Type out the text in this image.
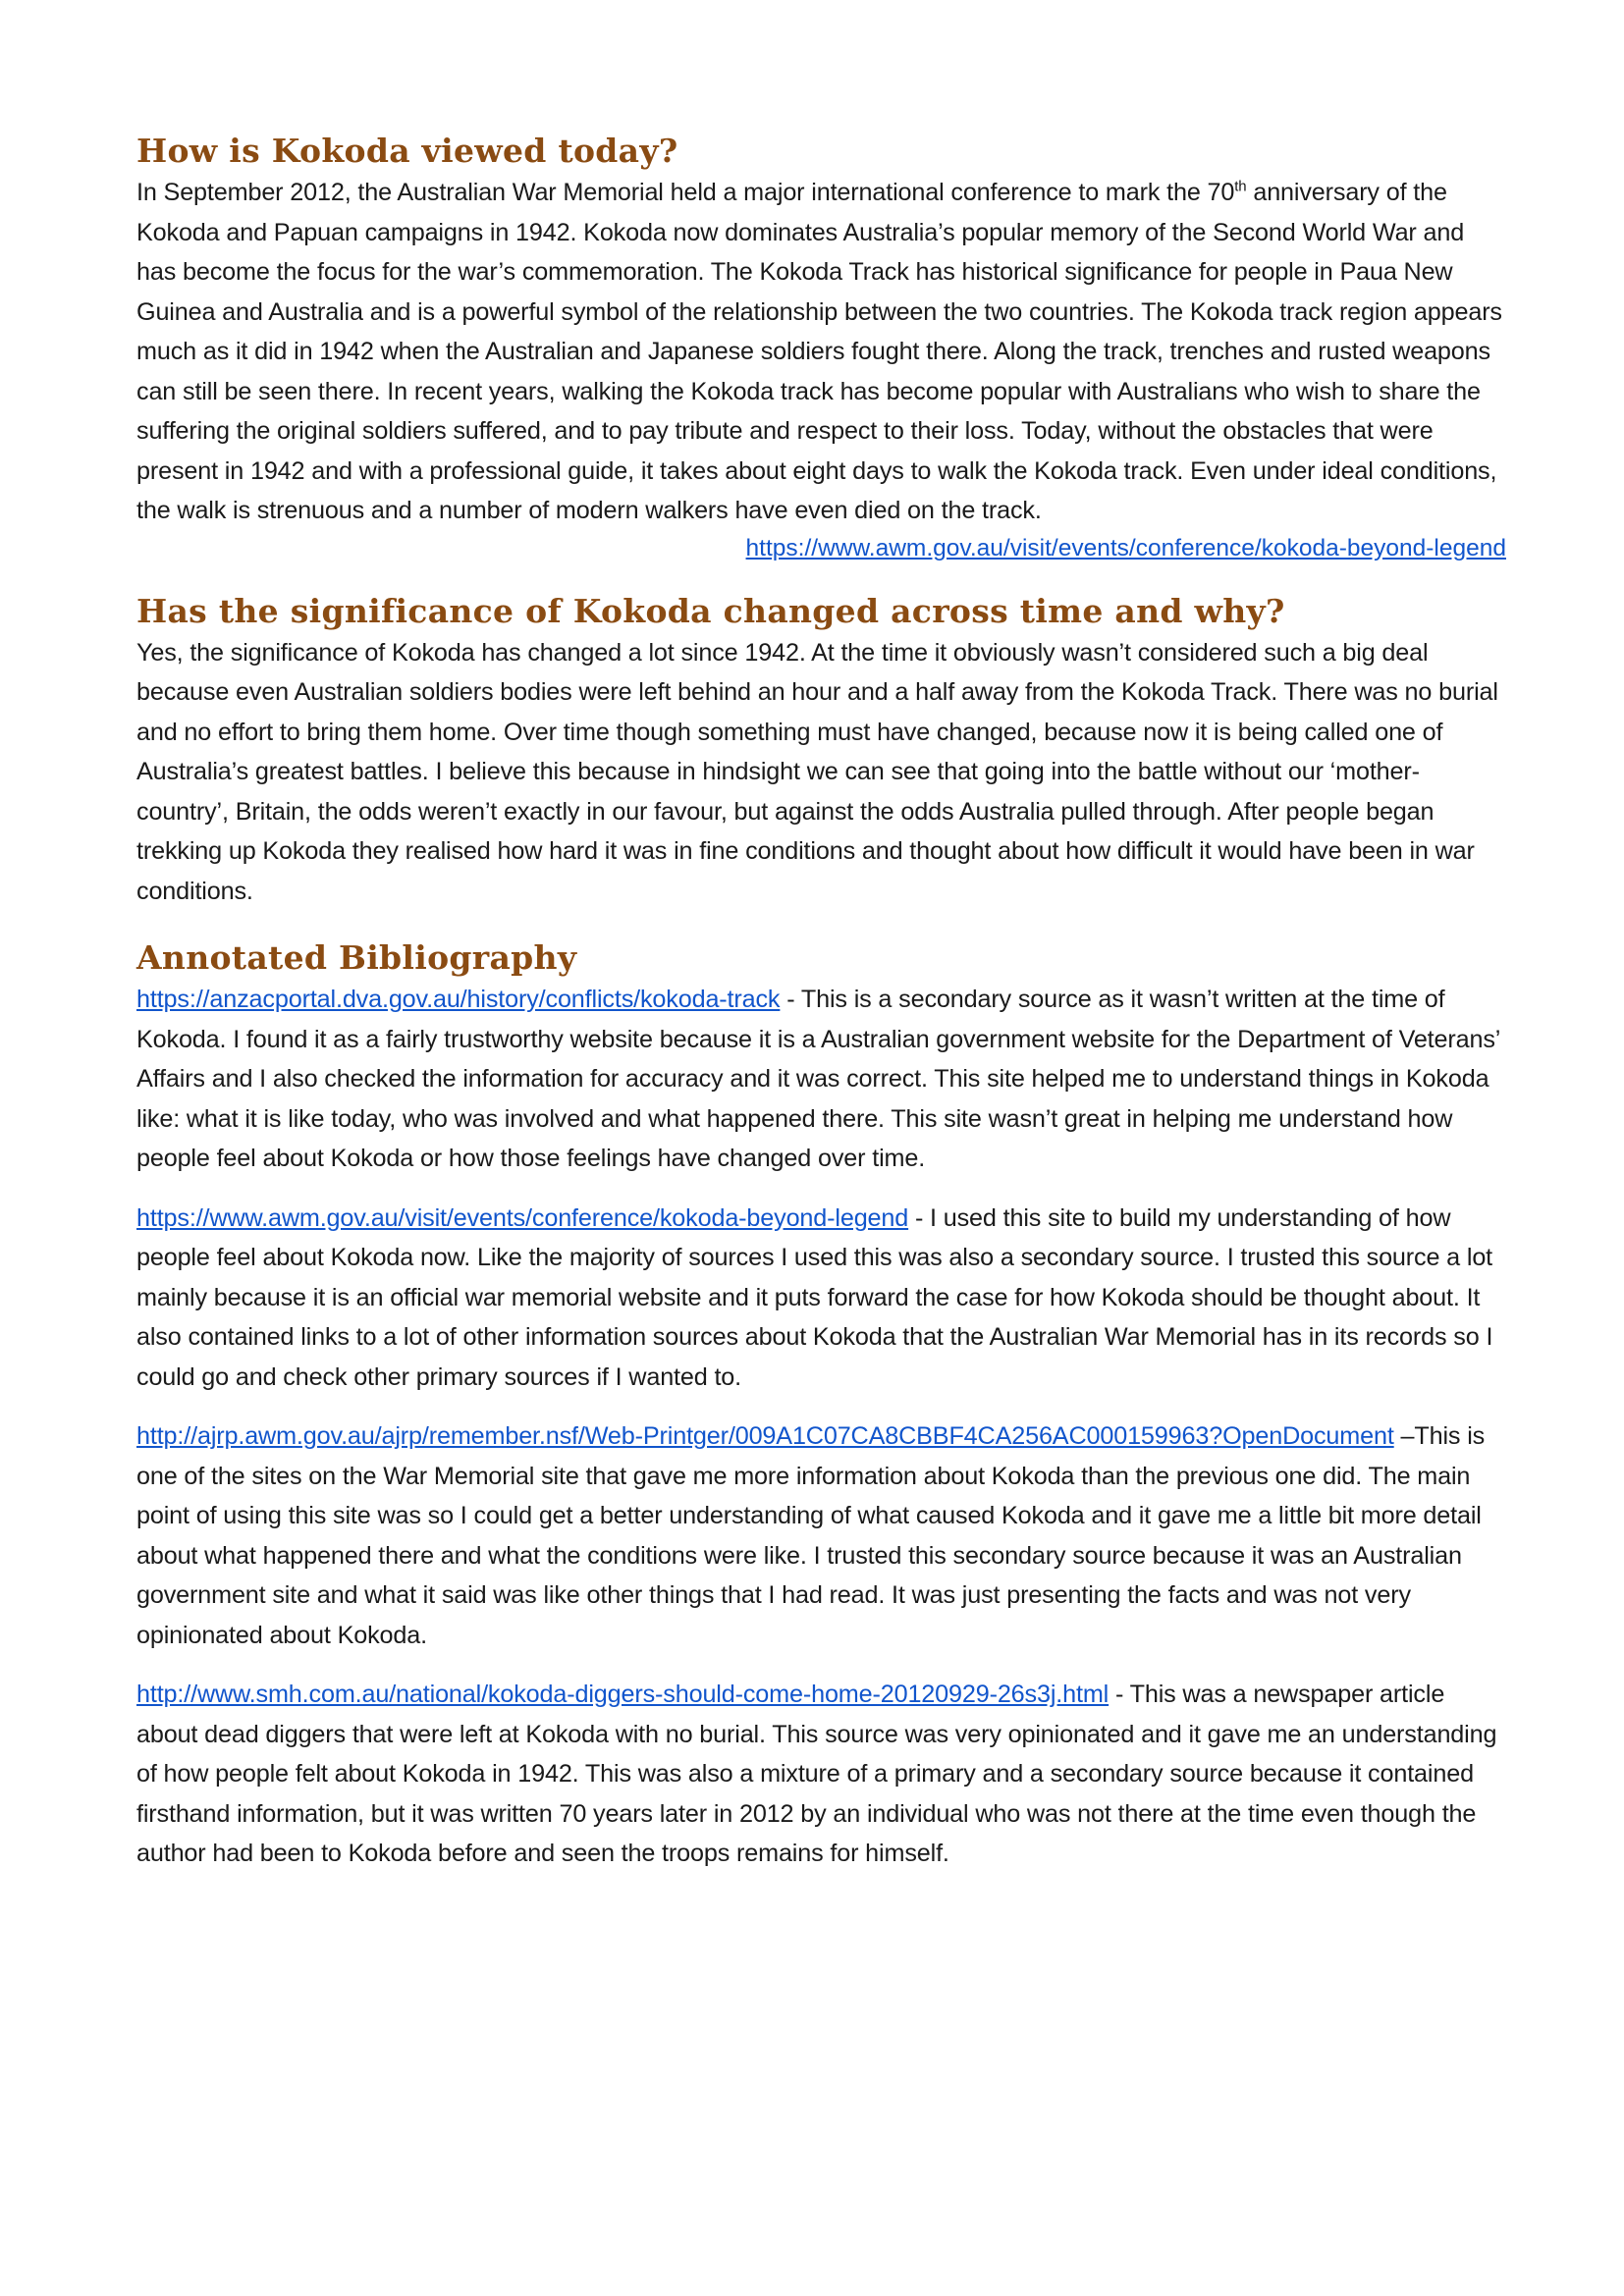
How is Kokoda viewed today?

In September 2012, the Australian War Memorial held a major international conference to mark the 70th anniversary of the Kokoda and Papuan campaigns in 1942. Kokoda now dominates Australia’s popular memory of the Second World War and has become the focus for the war’s commemoration. The Kokoda Track has historical significance for people in Paua New Guinea and Australia and is a powerful symbol of the relationship between the two countries. The Kokoda track region appears much as it did in 1942 when the Australian and Japanese soldiers fought there. Along the track, trenches and rusted weapons can still be seen there. In recent years, walking the Kokoda track has become popular with Australians who wish to share the suffering the original soldiers suffered, and to pay tribute and respect to their loss. Today, without the obstacles that were present in 1942 and with a professional guide, it takes about eight days to walk the Kokoda track. Even under ideal conditions, the walk is strenuous and a number of modern walkers have even died on the track.

https://www.awm.gov.au/visit/events/conference/kokoda-beyond-legend

Has the significance of Kokoda changed across time and why?

Yes, the significance of Kokoda has changed a lot since 1942. At the time it obviously wasn’t considered such a big deal because even Australian soldiers bodies were left behind an hour and a half away from the Kokoda Track. There was no burial and no effort to bring them home. Over time though something must have changed, because now it is being called one of Australia’s greatest battles. I believe this because in hindsight we can see that going into the battle without our ‘mother-country’, Britain, the odds weren’t exactly in our favour, but against the odds Australia pulled through. After people began trekking up Kokoda they realised how hard it was in fine conditions and thought about how difficult it would have been in war conditions.

Annotated Bibliography

https://anzacportal.dva.gov.au/history/conflicts/kokoda-track - This is a secondary source as it wasn’t written at the time of Kokoda. I found it as a fairly trustworthy website because it is a Australian government website for the Department of Veterans’ Affairs and I also checked the information for accuracy and it was correct. This site helped me to understand things in Kokoda like: what it is like today, who was involved and what happened there. This site wasn’t great in helping me understand how people feel about Kokoda or how those feelings have changed over time.

https://www.awm.gov.au/visit/events/conference/kokoda-beyond-legend - I used this site to build my understanding of how people feel about Kokoda now. Like the majority of sources I used this was also a secondary source. I trusted this source a lot mainly because it is an official war memorial website and it puts forward the case for how Kokoda should be thought about. It also contained links to a lot of other information sources about Kokoda that the Australian War Memorial has in its records so I could go and check other primary sources if I wanted to.

http://ajrp.awm.gov.au/ajrp/remember.nsf/Web-Printger/009A1C07CA8CBBF4CA256AC000159963?OpenDocument –This is one of the sites on the War Memorial site that gave me more information about Kokoda than the previous one did. The main point of using this site was so I could get a better understanding of what caused Kokoda and it gave me a little bit more detail about what happened there and what the conditions were like. I trusted this secondary source because it was an Australian government site and what it said was like other things that I had read. It was just presenting the facts and was not very opinionated about Kokoda.

http://www.smh.com.au/national/kokoda-diggers-should-come-home-20120929-26s3j.html - This was a newspaper article about dead diggers that were left at Kokoda with no burial. This source was very opinionated and it gave me an understanding of how people felt about Kokoda in 1942. This was also a mixture of a primary and a secondary source because it contained firsthand information, but it was written 70 years later in 2012 by an individual who was not there at the time even though the author had been to Kokoda before and seen the troops remains for himself.
